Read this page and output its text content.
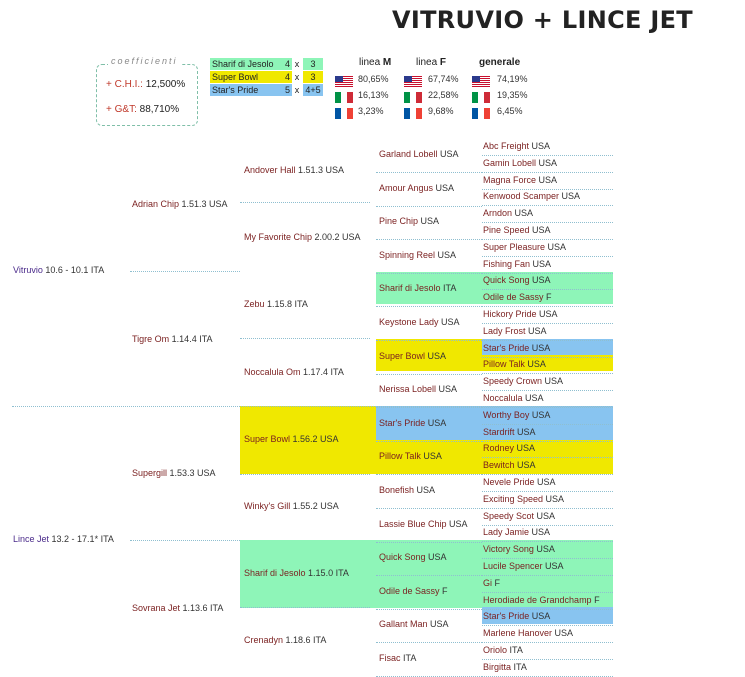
VITRUVIO + LINCE JET
coefficienti
+ C.H.I.: 12,500%
+ G&T: 88,710%
Sharif di Jesolo	4 x	3
Super Bowl	4 x	3
Star's Pride	5 x 4+5
linea M linea F	generale
80,65%	67,74%	74,19%
16,13%	22,58%	19,35%
3,23%	9,68%	6,45%
Vitruvio 10.6 - 10.1 ITA
Lince Jet 13.2 - 17.1* ITA
Adrian Chip 1.51.3 USA
Tigre Om 1.14.4 ITA
Supergill 1.53.3 USA
Sovrana Jet 1.13.6 ITA
Andover Hall 1.51.3 USA
My Favorite Chip 2.00.2 USA
Zebu 1.15.8 ITA
Noccalula Om 1.17.4 ITA
Super Bowl 1.56.2 USA
Winky's Gill 1.55.2 USA
Sharif di Jesolo 1.15.0 ITA
Crenadyn 1.18.6 ITA
Garland Lobell USA
Amour Angus USA
Pine Chip USA
Spinning Reel USA
Sharif di Jesolo ITA
Keystone Lady USA
Super Bowl USA
Nerissa Lobell USA
Star's Pride USA
Pillow Talk USA
Bonefish USA
Lassie Blue Chip USA
Quick Song USA
Odile de Sassy F
Gallant Man USA
Fisac ITA
Abc Freight USA
Gamin Lobell USA
Magna Force USA
Kenwood Scamper USA
Arndon USA
Pine Speed USA
Super Pleasure USA
Fishing Fan USA
Quick Song USA
Odile de Sassy F
Hickory Pride USA
Lady Frost USA
Star's Pride USA
Pillow Talk USA
Speedy Crown USA
Noccalula USA
Worthy Boy USA
Stardrift USA
Rodney USA
Bewitch USA
Nevele Pride USA
Exciting Speed USA
Speedy Scot USA
Lady Jamie USA
Victory Song USA
Lucile Spencer USA
Gi F
Herodiade de Grandchamp F
Star's Pride USA
Marlene Hanover USA
Oriolo ITA
Birgitta ITA
